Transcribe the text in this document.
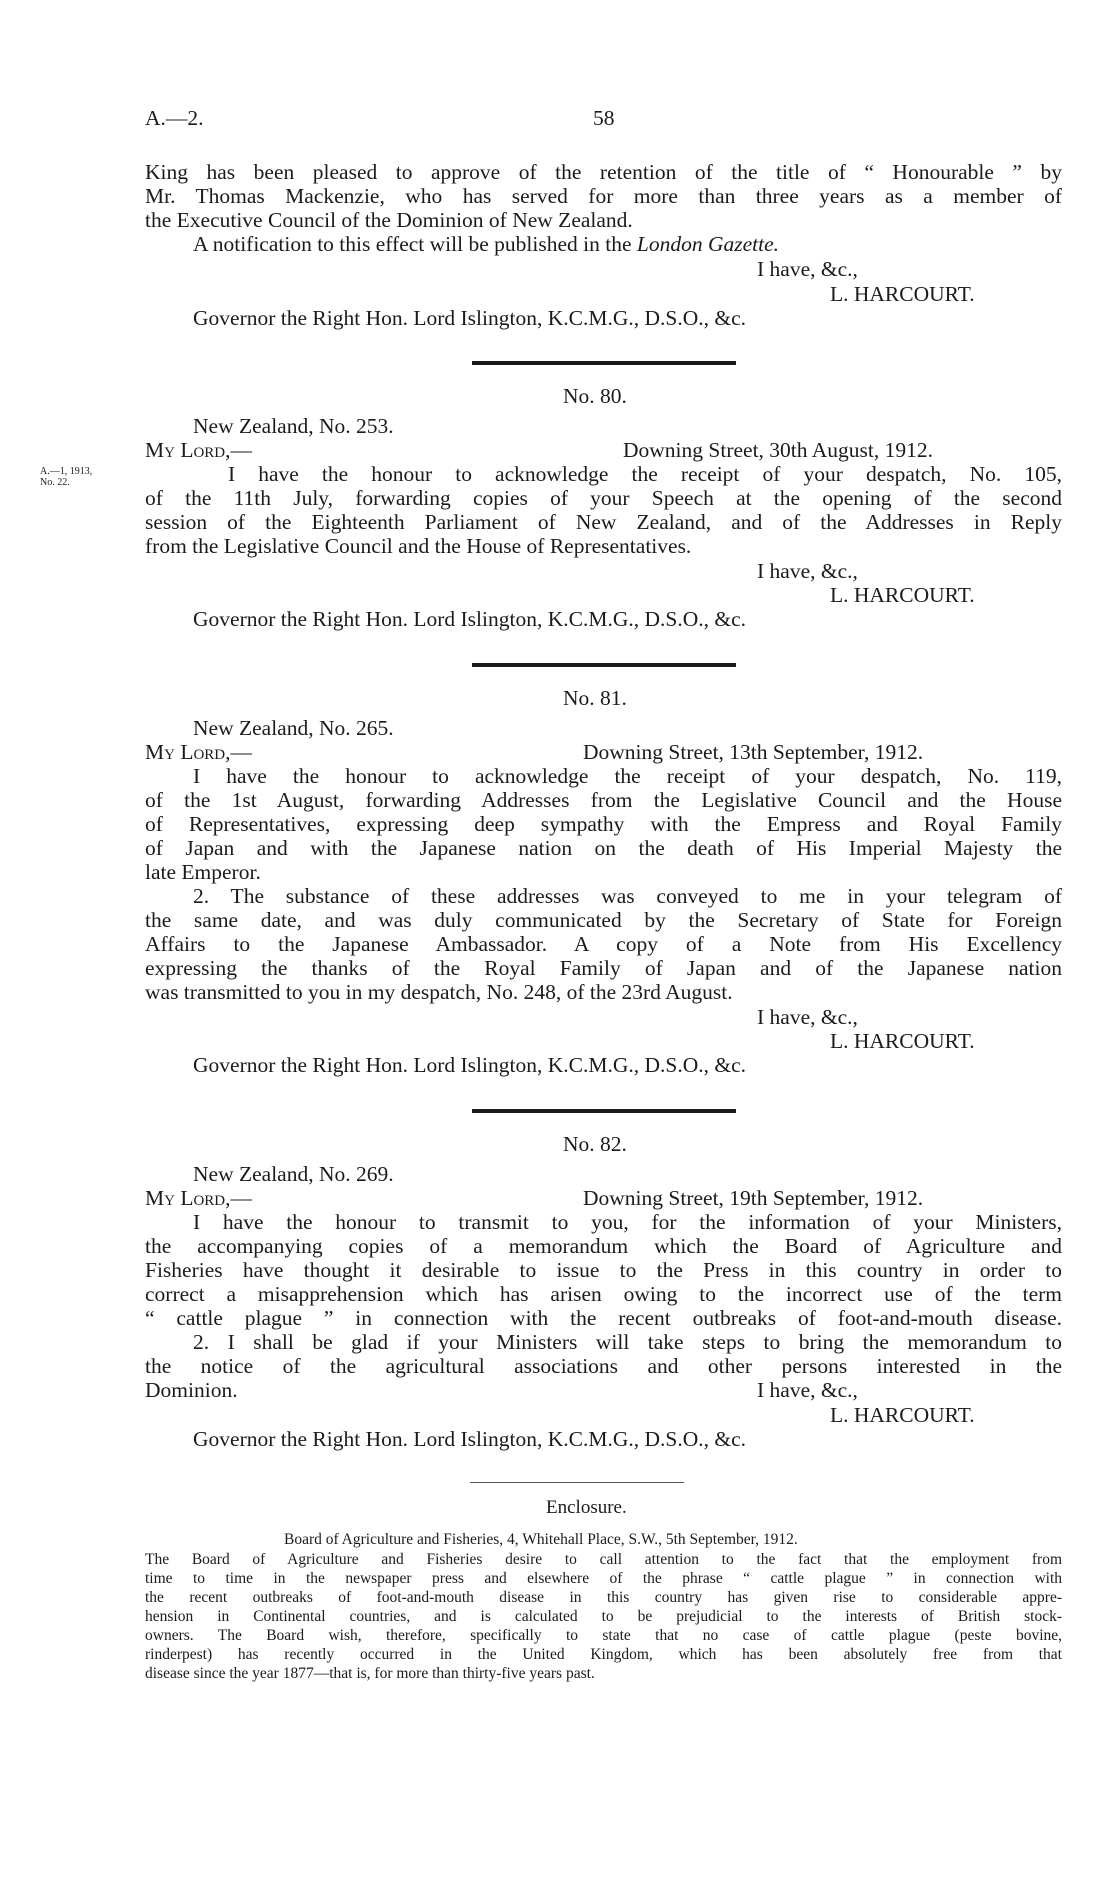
A.—2.	58
King has been pleased to approve of the retention of the title of “ Honourable ” by
Mr. Thomas Mackenzie, who has served for more than three years as a member of
the Executive Council of the Dominion of New Zealand.
A notification to this effect will be published in the London Gazette.
I have, &c.,
L. HARCOURT.
Governor the Right Hon. Lord Islington, K.C.M.G., D.S.O., &c.
No. 80.
New Zealand, No. 253.
My Lord,—	Downing Street, 30th August, 1912.
A.—1, 1913,
No. 22.	I have the honour to acknowledge the receipt of your despatch, No. 105,
of the 11th July, forwarding copies of your Speech at the opening of the second
session of the Eighteenth Parliament of New Zealand, and of the Addresses in Reply
from the Legislative Council and the House of Representatives.
I have, &c.,
L. HARCOURT.
Governor the Right Hon. Lord Islington, K.C.M.G., D.S.O., &c.
No. 81.
New Zealand, No. 265.
My Lord,—	Downing Street, 13th September, 1912.
I have the honour to acknowledge the receipt of your despatch, No. 119,
of the 1st August, forwarding Addresses from the Legislative Council and the House
of Representatives, expressing deep sympathy with the Empress and Royal Family
of Japan and with the Japanese nation on the death of His Imperial Majesty the
late Emperor.
2. The substance of these addresses was conveyed to me in your telegram of
the same date, and was duly communicated by the Secretary of State for Foreign
Affairs to the Japanese Ambassador. A copy of a Note from His Excellency
expressing the thanks of the Royal Family of Japan and of the Japanese nation
was transmitted to you in my despatch, No. 248, of the 23rd August.
I have, &c.,
L. HARCOURT.
Governor the Right Hon. Lord Islington, K.C.M.G., D.S.O., &c.
No. 82.
New Zealand, No. 269.
My Lord,—	Downing Street, 19th September, 1912.
I have the honour to transmit to you, for the information of your Ministers,
the accompanying copies of a memorandum which the Board of Agriculture and
Fisheries have thought it desirable to issue to the Press in this country in order to
correct a misapprehension which has arisen owing to the incorrect use of the term
“ cattle plague ” in connection with the recent outbreaks of foot-and-mouth disease.
2. I shall be glad if your Ministers will take steps to bring the memorandum to
the notice of the agricultural associations and other persons interested in the
Dominion.	I have, &c.,
L. HARCOURT.
Governor the Right Hon. Lord Islington, K.C.M.G., D.S.O., &c.
Enclosure.
Board of Agriculture and Fisheries, 4, Whitehall Place, S.W., 5th September, 1912.
The Board of Agriculture and Fisheries desire to call attention to the fact that the employment from
time to time in the newspaper press and elsewhere of the phrase “ cattle plague ” in connection with
the recent outbreaks of foot-and-mouth disease in this country has given rise to considerable appre-
hension in Continental countries, and is calculated to be prejudicial to the interests of British stock-
owners. The Board wish, therefore, specifically to state that no case of cattle plague (peste bovine,
rinderpest) has recently occurred in the United Kingdom, which has been absolutely free from that
disease since the year 1877—that is, for more than thirty-five years past.
